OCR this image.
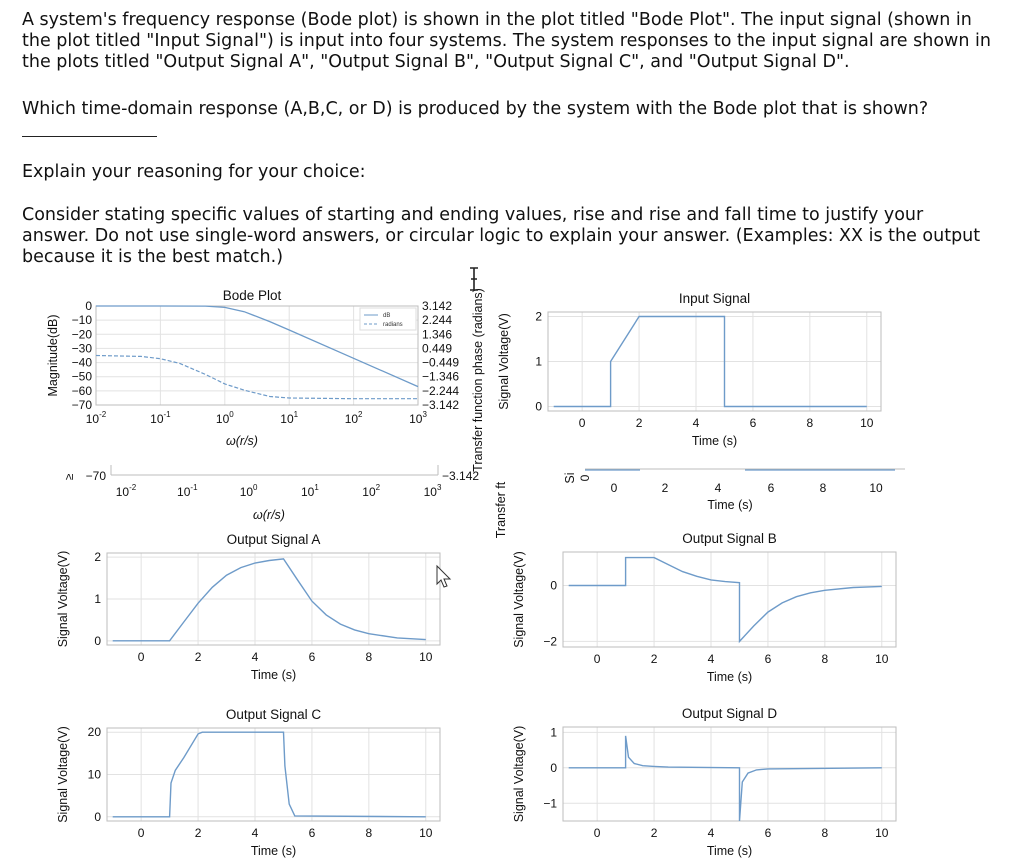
A system's frequency response (Bode plot) is shown in the plot titled "Bode Plot". The input signal (shown in the plot titled "Input Signal") is input into four systems. The system responses to the input signal are shown in the plots titled "Output Signal A", "Output Signal B", "Output Signal C", and "Output Signal D".
Which time-domain response (A,B,C, or D) is produced by the system with the Bode plot that is shown?
Explain your reasoning for your choice:
Consider stating specific values of starting and ending values, rise and rise and fall time to justify your answer. Do not use single-word answers, or circular logic to explain your answer. (Examples: XX is the output because it is the best match.)
Input Signal
0	2	4	6	8	10
0
1
2
Time (s)
Signal Voltage(V)
Output Signal A
0	2	4	6	8	10
0
1
2
Time (s)
Signal Voltage(V)
Output Signal B
0	2	4	6	8	10
−2
0
Time (s)
Signal Voltage(V)
Output Signal C
0	2	4	6	8	10
0
10
20
Time (s)
Signal Voltage(V)
Output Signal D
0	2	4	6	8	10
−1
0
1
Time (s)
Signal Voltage(V)
Bode Plot
0
−10
−20
−30
−40
−50
−60
−70
3.142
2.244
1.346
0.449
−0.449
−1.346
−2.244
−3.142
$10^{-2}$	$10^{-1}$	$10^0$	$10^1$	$10^2$	$10^3$
ω(r/s)
Magnitude(dB)	Transfer function phase (radians)
dB
radians
≥ −70	−3.142
Transfer ft
$10^{-2}$	$10^{-1}$	$10^0$	$10^1$	$10^2$	$10^3$
ω(r/s)
Si 0
0	2	4	6	8	10
Time (s)
